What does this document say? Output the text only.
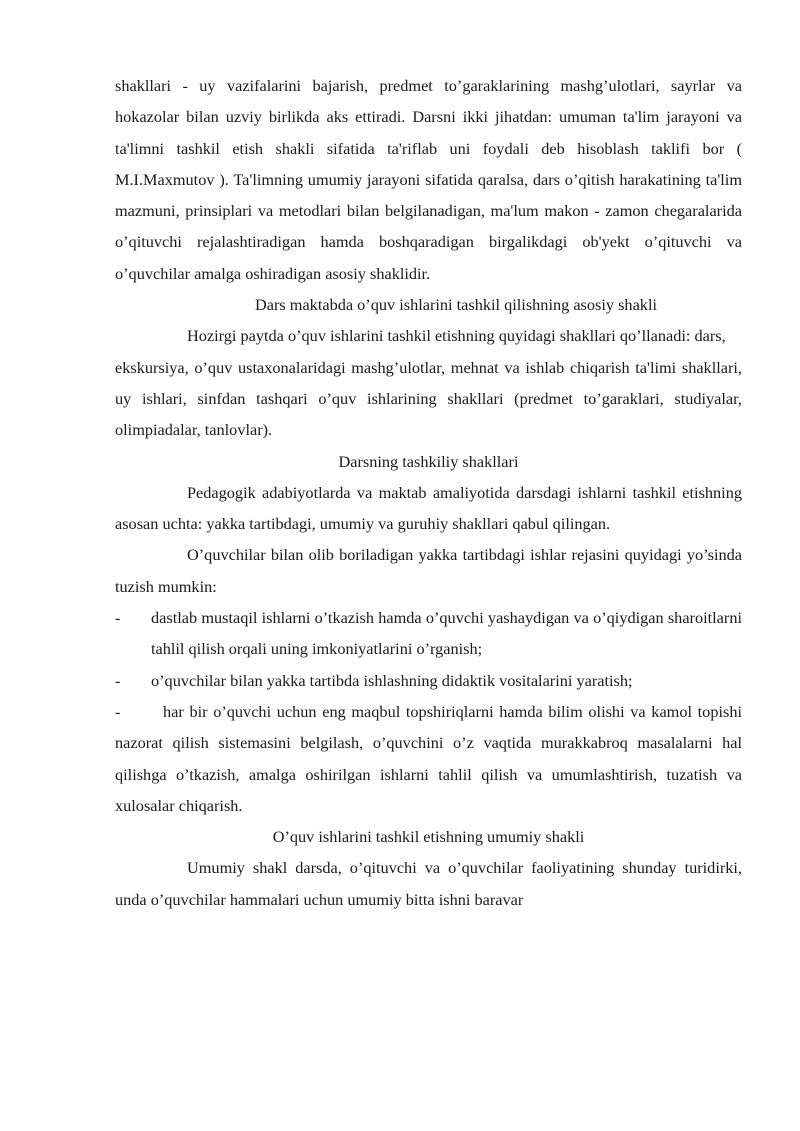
shakllari - uy vazifalarini bajarish, predmet to’garaklarining mashg’ulotlari, sayrlar va hokazolar bilan uzviy birlikda aks ettiradi. Darsni ikki jihatdan: umuman ta'lim jarayoni va ta'limni tashkil etish shakli sifatida ta'riflab uni foydali deb hisoblash taklifi bor ( M.I.Maxmutov ). Ta'limning umumiy jarayoni sifatida qaralsa, dars o’qitish harakatining ta'lim mazmuni, prinsiplari va metodlari bilan belgilanadigan, ma'lum makon - zamon chegaralarida o’qituvchi rejalashtiradigan hamda boshqaradigan birgalikdagi ob'yekt o’qituvchi va o’quvchilar amalga oshiradigan asosiy shaklidir.

Dars maktabda o’quv ishlarini tashkil qilishning asosiy shakli

Hozirgi paytda o’quv ishlarini tashkil etishning quyidagi shakllari qo’llanadi: dars,

ekskursiya, o’quv ustaxonalaridagi mashg’ulotlar, mehnat va ishlab chiqarish ta'limi shakllari, uy ishlari, sinfdan tashqari o’quv ishlarining shakllari (predmet to’garaklari, studiyalar, olimpiadalar, tanlovlar).

Darsning tashkiliy shakllari

Pedagogik adabiyotlarda va maktab amaliyotida darsdagi ishlarni tashkil etishning asosan uchta: yakka tartibdagi, umumiy va guruhiy shakllari qabul qilingan.

O’quvchilar bilan olib boriladigan yakka tartibdagi ishlar rejasini quyidagi yo’sinda tuzish mumkin:

- dastlab mustaqil ishlarni o’tkazish hamda o’quvchi yashaydigan va o’qiydigan sharoitlarni tahlil qilish orqali uning imkoniyatlarini o’rganish;
- o’quvchilar bilan yakka tartibda ishlashning didaktik vositalarini yaratish;

-	har bir o’quvchi uchun eng maqbul topshiriqlarni hamda bilim olishi va kamol topishi nazorat qilish sistemasini belgilash, o’quvchini o’z vaqtida murakkabroq masalalarni hal qilishga o’tkazish, amalga oshirilgan ishlarni tahlil qilish va umumlashtirish, tuzatish va xulosalar chiqarish.

O’quv ishlarini tashkil etishning umumiy shakli

Umumiy shakl darsda, o’qituvchi va o’quvchilar faoliyatining shunday turidirki, unda o’quvchilar hammalari uchun umumiy bitta ishni baravar
